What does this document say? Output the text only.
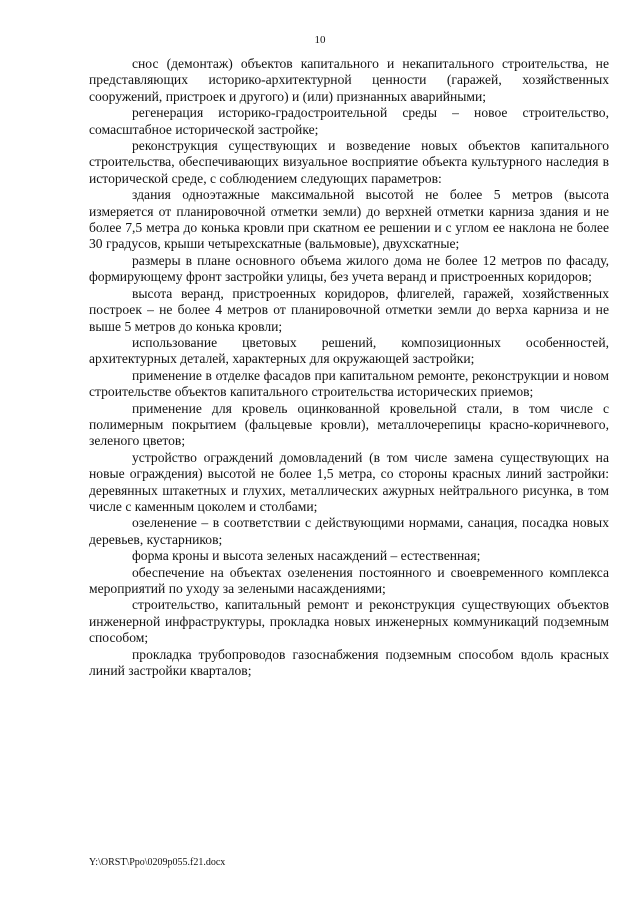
10

снос (демонтаж) объектов капитального и некапитального строительства, не представляющих историко-архитектурной ценности (гаражей, хозяйственных сооружений, пристроек и другого) и (или) признанных аварийными;

регенерация историко-градостроительной среды – новое строительство, сомасштабное исторической застройке;

реконструкция существующих и возведение новых объектов капитального строительства, обеспечивающих визуальное восприятие объекта культурного наследия в исторической среде, с соблюдением следующих параметров:

здания одноэтажные максимальной высотой не более 5 метров (высота измеряется от планировочной отметки земли) до верхней отметки карниза здания и не более 7,5 метра до конька кровли при скатном ее решении и с углом ее наклона не более 30 градусов, крыши четырехскатные (вальмовые), двухскатные;

размеры в плане основного объема жилого дома не более 12 метров по фасаду, формирующему фронт застройки улицы, без учета веранд и пристроенных коридоров;

высота веранд, пристроенных коридоров, флигелей, гаражей, хозяйственных построек – не более 4 метров от планировочной отметки земли до верха карниза и не выше 5 метров до конька кровли;

использование цветовых решений, композиционных особенностей, архитектурных деталей, характерных для окружающей застройки;

применение в отделке фасадов при капитальном ремонте, реконструкции и новом строительстве объектов капитального строительства исторических приемов;

применение для кровель оцинкованной кровельной стали, в том числе с полимерным покрытием (фальцевые кровли), металлочерепицы красно-коричневого, зеленого цветов;

устройство ограждений домовладений (в том числе замена существующих на новые ограждения) высотой не более 1,5 метра, со стороны красных линий застройки: деревянных штакетных и глухих, металлических ажурных нейтрального рисунка, в том числе с каменным цоколем и столбами;

озеленение – в соответствии с действующими нормами, санация, посадка новых деревьев, кустарников;

форма кроны и высота зеленых насаждений – естественная;

обеспечение на объектах озеленения постоянного и своевременного комплекса мероприятий по уходу за зелеными насаждениями;

строительство, капитальный ремонт и реконструкция существующих объектов инженерной инфраструктуры, прокладка новых инженерных коммуникаций подземным способом;

прокладка трубопроводов газоснабжения подземным способом вдоль красных линий застройки кварталов;

Y:\ORST\Ppo\0209p055.f21.docx
